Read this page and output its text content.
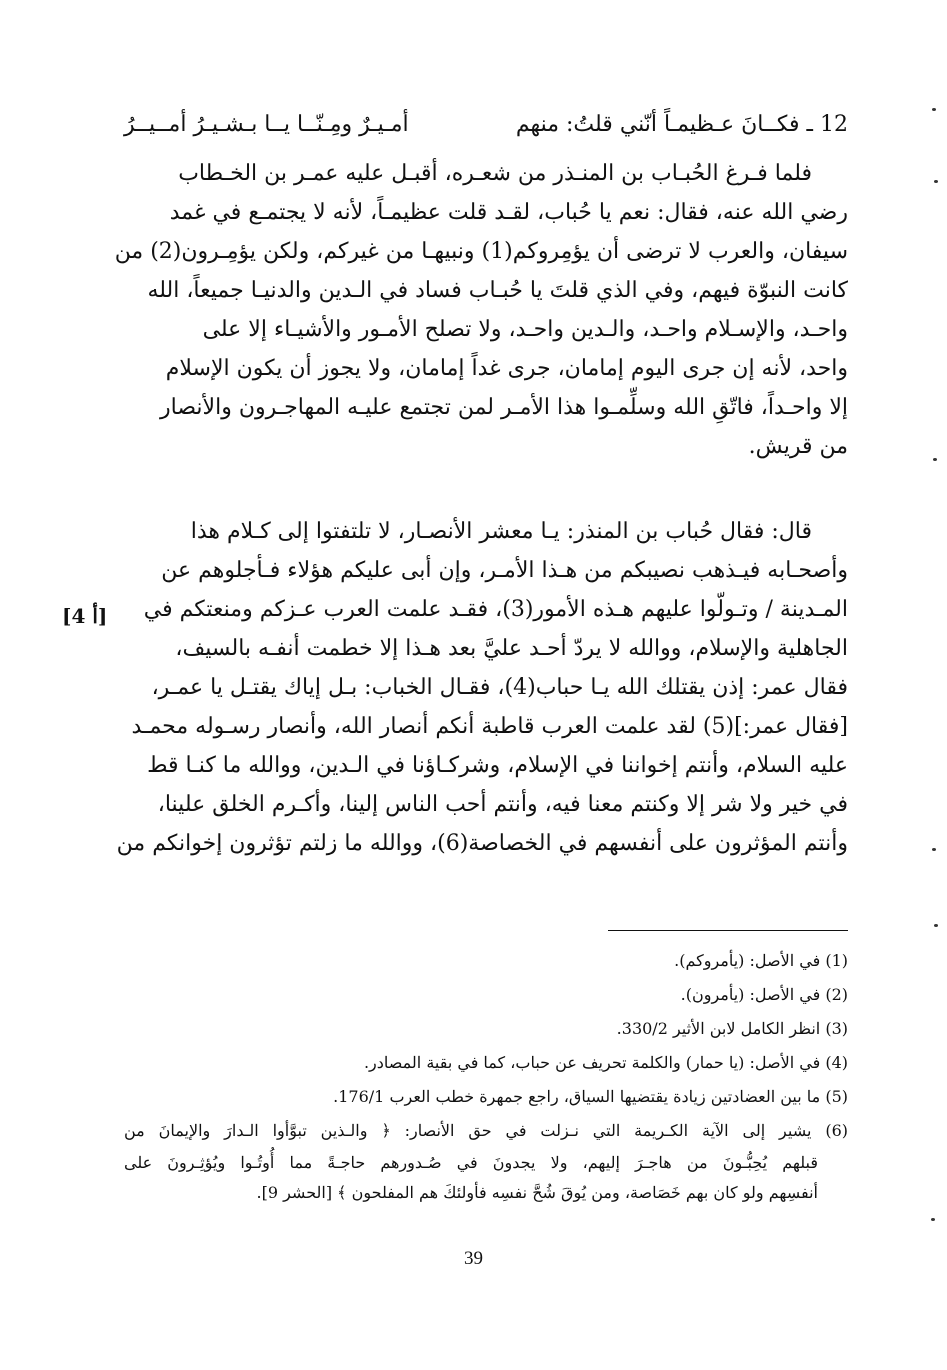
12 ـ فكــانَ عـظيمـاً أنّني قلتُ: منهم
أمـيـرٌ ومِـنّــا يــا بـشـيـرُ أمــيــرُ
فلما فـرغ الحُبـاب بن المنـذر من شعـره، أقبـل عليه عمـر بن الخـطاب
رضي الله عنه، فقال: نعم يا حُباب، لقـد قلت عظيمـاً، لأنه لا يجتمـع في غمد
سيفان، والعرب لا ترضى أن يؤمِروكم(1) ونبيهـا من غيركم، ولكن يؤمِـرون(2) من
كانت النبوّة فيهم، وفي الذي قلتَ يا حُبـاب فساد في الـدين والدنيـا جميعاً، الله
واحـد، والإسـلام واحـد، والـدين واحـد، ولا تصلح الأمـور والأشيـاء إلا على
واحد، لأنه إن جرى اليوم إمامان، جرى غداً إمامان، ولا يجوز أن يكون الإسلام
إلا واحـداً، فاتّقِ الله وسلِّمـوا هذا الأمـر لمن تجتمع عليـه المهاجـرون والأنصار
من قريش.
قال: فقال حُباب بن المنذر: يـا معشر الأنصـار، لا تلتفتوا إلى كـلام هذا
وأصحـابه فيـذهب نصيبكم من هـذا الأمـر، وإن أبى عليكم هؤلاء فـأجلوهم عن
المـدينة / وتـولّوا عليهم هـذه الأمور(3)، فقـد علمت العرب عـزكم ومنعتكم في
الجاهلية والإسلام، ووالله لا يردّ أحـد عليَّ بعد هـذا إلا خطمت أنفـه بالسيف،
فقال عمر: إذن يقتلك الله يـا حباب(4)، فقـال الخباب: بـل إياك يقتـل يا عمـر،
[فقال عمر:](5) لقد علمت العرب قاطبة أنكم أنصار الله، وأنصار رسـوله محمـد
عليه السلام، وأنتم إخواننا في الإسلام، وشركـاؤنا في الـدين، ووالله ما كنـا قط
في خير ولا شر إلا وكنتم معنا فيه، وأنتم أحب الناس إلينا، وأكـرم الخلق علينا،
وأنتم المؤثرون على أنفسهم في الخصاصة(6)، ووالله ما زلتم تؤثرون إخوانكم من
[4 أ]
(1) في الأصل: (يأمروكم).
(2) في الأصل: (يأمرون).
(3) انظر الكامل لابن الأثير 330/2.
(4) في الأصل: (يا حمار) والكلمة تحريف عن حباب، كما في بقية المصادر.
(5) ما بين العضادتين زيادة يقتضيها السياق، راجع جمهرة خطب العرب 176/1.
(6) يشير إلى الآية الكـريمة التي نـزلت في حق الأنصار: ﴿ والـذين تبوَّأوا الـدارَ والإيمانَ من
قبلهم يُحِبُّـونَ من هاجـرَ إليهم، ولا يجدونَ في صُـدورهم حاجـةً مما أُوتُـوا ويُؤثِـرونَ على
أنفسِهم ولو كان بهم خَصَاصة، ومن يُوقَ شُحَّ نفسِه فأولئكَ هم المفلحون ﴾ [الحشر 9].
39
